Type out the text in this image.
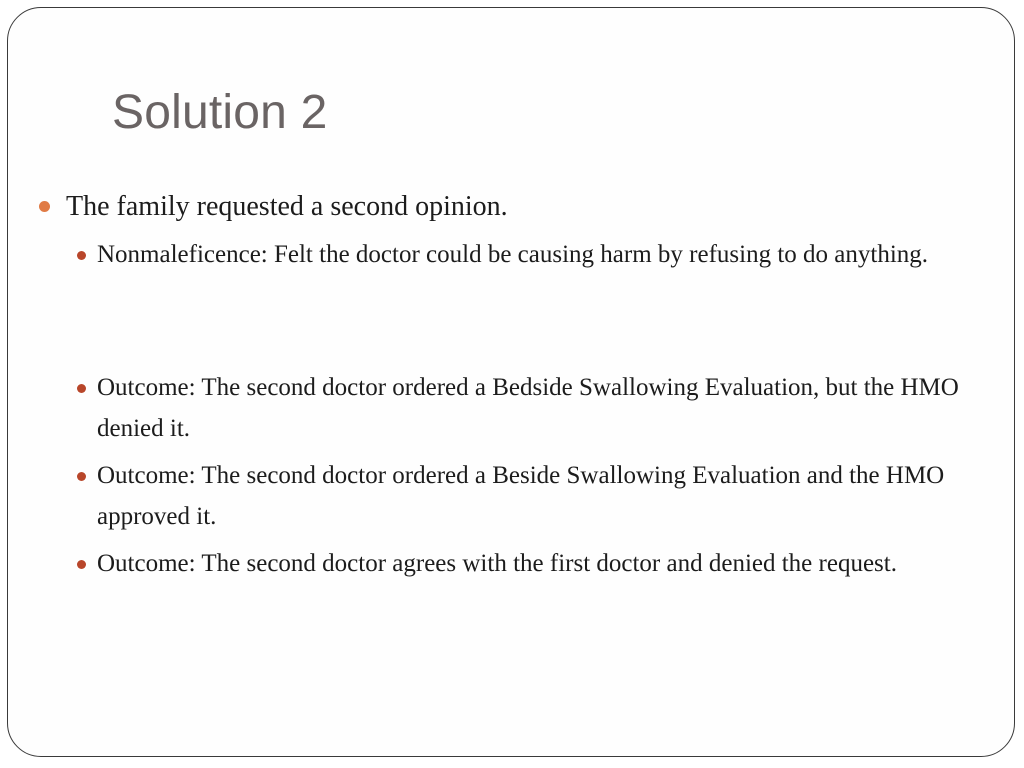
Solution 2
The family requested a second opinion.
Nonmaleficence: Felt the doctor could be causing harm by refusing to do anything.
Outcome: The second doctor ordered a Bedside Swallowing Evaluation, but the HMO denied it.
Outcome: The second doctor ordered a Beside Swallowing Evaluation and the HMO approved it.
Outcome: The second doctor agrees with the first doctor and denied the request.
